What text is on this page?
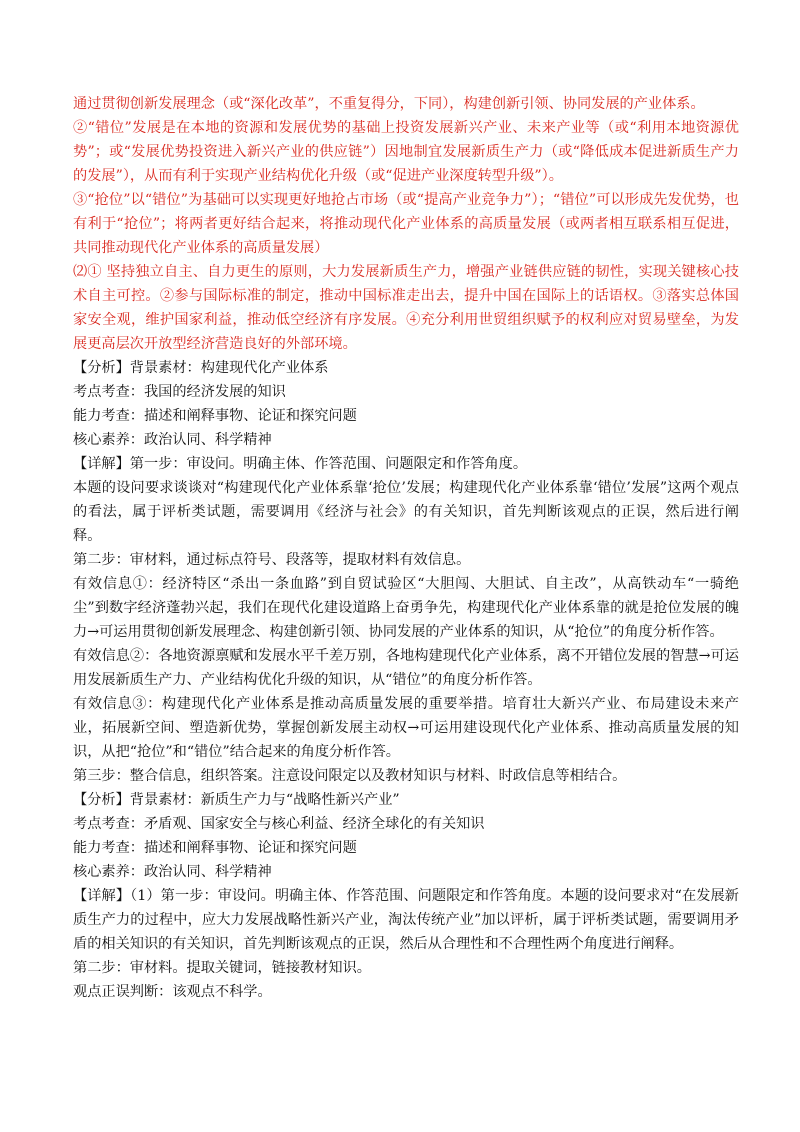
通过贯彻创新发展理念（或“深化改革”，不重复得分，下同），构建创新引领、协同发展的产业体系。

②“错位”发展是在本地的资源和发展优势的基础上投资发展新兴产业、未来产业等（或“利用本地资源优势”；或“发展优势投资进入新兴产业的供应链”）因地制宜发展新质生产力（或“降低成本促进新质生产力的发展”），从而有利于实现产业结构优化升级（或“促进产业深度转型升级”）。

③“抢位”以“错位”为基础可以实现更好地抢占市场（或“提高产业竞争力”）；“错位”可以形成先发优势，也有利于“抢位”；将两者更好结合起来，将推动现代化产业体系的高质量发展（或两者相互联系相互促进，共同推动现代化产业体系的高质量发展）

⑵① 坚持独立自主、自力更生的原则，大力发展新质生产力，增强产业链供应链的韧性，实现关键核心技术自主可控。②参与国际标准的制定，推动中国标准走出去，提升中国在国际上的话语权。③落实总体国家安全观，维护国家利益，推动低空经济有序发展。④充分利用世贸组织赋予的权利应对贸易壁垒，为发展更高层次开放型经济营造良好的外部环境。

【分析】背景素材：构建现代化产业体系

考点考查：我国的经济发展的知识

能力考查：描述和阐释事物、论证和探究问题

核心素养：政治认同、科学精神

【详解】第一步：审设问。明确主体、作答范围、问题限定和作答角度。

本题的设问要求谈谈对“构建现代化产业体系靠‘抢位’发展；构建现代化产业体系靠‘错位’发展”这两个观点的看法，属于评析类试题，需要调用《经济与社会》的有关知识，首先判断该观点的正误，然后进行阐释。

第二步：审材料，通过标点符号、段落等，提取材料有效信息。

有效信息①：经济特区“杀出一条血路”到自贸试验区“大胆闯、大胆试、自主改”，从高铁动车“一骑绝尘”到数字经济蓬勃兴起，我们在现代化建设道路上奋勇争先，构建现代化产业体系靠的就是抢位发展的魄力→可运用贯彻创新发展理念、构建创新引领、协同发展的产业体系的知识，从“抢位”的角度分析作答。

有效信息②：各地资源禀赋和发展水平千差万别，各地构建现代化产业体系，离不开错位发展的智慧→可运用发展新质生产力、产业结构优化升级的知识，从“错位”的角度分析作答。

有效信息③：构建现代化产业体系是推动高质量发展的重要举措。培育壮大新兴产业、布局建设未来产业，拓展新空间、塑造新优势，掌握创新发展主动权→可运用建设现代化产业体系、推动高质量发展的知识，从把“抢位”和“错位”结合起来的角度分析作答。

第三步：整合信息，组织答案。注意设问限定以及教材知识与材料、时政信息等相结合。

【分析】背景素材：新质生产力与“战略性新兴产业”

考点考查：矛盾观、国家安全与核心利益、经济全球化的有关知识

能力考查：描述和阐释事物、论证和探究问题

核心素养：政治认同、科学精神

【详解】（1）第一步：审设问。明确主体、作答范围、问题限定和作答角度。本题的设问要求对“在发展新质生产力的过程中，应大力发展战略性新兴产业，淘汰传统产业”加以评析，属于评析类试题，需要调用矛盾的相关知识的有关知识，首先判断该观点的正误，然后从合理性和不合理性两个角度进行阐释。

第二步：审材料。提取关键词，链接教材知识。

观点正误判断：该观点不科学。
